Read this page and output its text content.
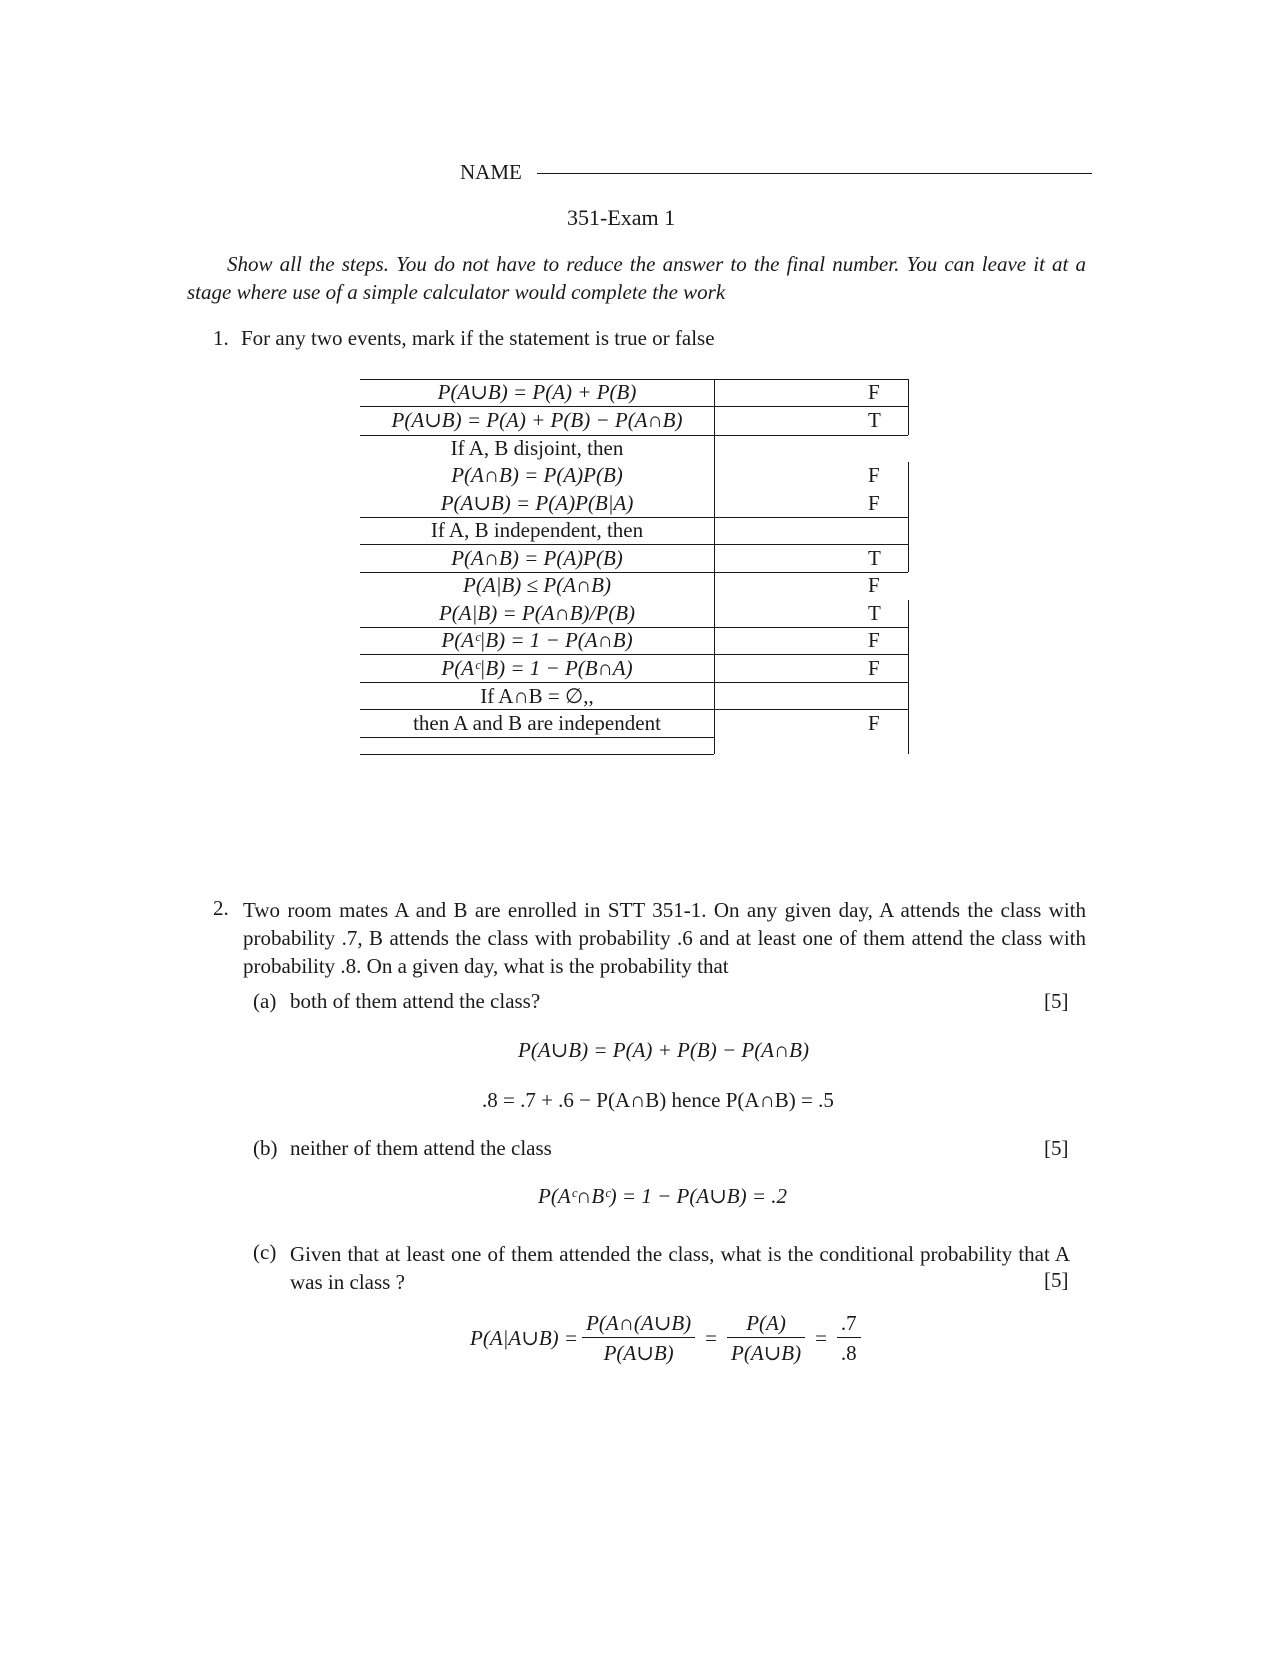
NAME
351-Exam 1
Show all the steps. You do not have to reduce the answer to the final number. You can leave it at a stage where use of a simple calculator would complete the work
1. For any two events, mark if the statement is true or false
P(A∪B) = P(A) + P(B)	F
P(A∪B) = P(A) + P(B) − P(A∩B)	T
If A, B disjoint, then
P(A∩B) = P(A)P(B)	F
P(A∪B) = P(A)P(B|A)	F
If A, B independent, then
P(A∩B) = P(A)P(B)	T
P(A|B) ≤ P(A∩B)	F
P(A|B) = P(A∩B)/P(B)	T
P(Aᶜ|B) = 1 − P(A∩B)	F
P(Aᶜ|B) = 1 − P(B∩A)	F
If A∩B = ∅,,
then A and B are independent	F
2. Two room mates A and B are enrolled in STT 351-1. On any given day, A attends the class with probability .7, B attends the class with probability .6 and at least one of them attend the class with probability .8. On a given day, what is the probability that
(a) both of them attend the class?	[5]
P(A∪B) = P(A) + P(B) − P(A∩B)
.8 = .7 + .6 − P(A∩B) hence P(A∩B) = .5
(b) neither of them attend the class	[5]
P(Aᶜ∩Bᶜ) = 1 − P(A∪B) = .2
(c) Given that at least one of them attended the class, what is the conditional probability that A was in class ?	[5]
P(A|A∪B) = $\frac{P(A\cap(A\cup B)}{P(A\cup B)} = \frac{P(A)}{P(A\cup B)} = \frac{.7}{.8}$
